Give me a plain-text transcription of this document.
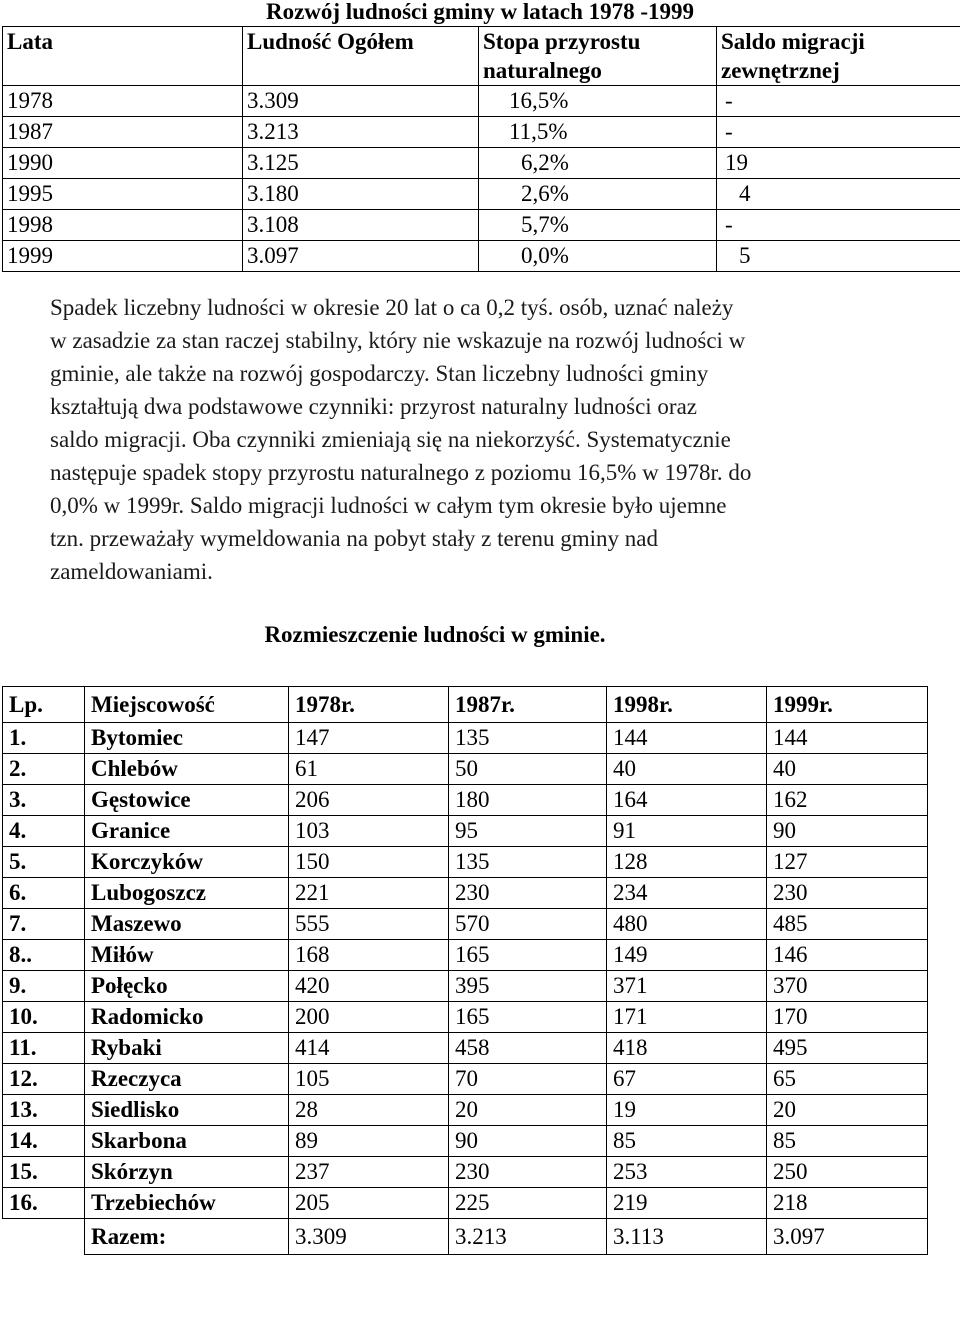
Rozwój ludności gminy w latach 1978 -1999
Lata	Ludność Ogółem	Stopa przyrostu naturalnego	Saldo migracji zewnętrznej
1978	3.309	16,5%	-
1987	3.213	11,5%	-
1990	3.125	6,2%	19
1995	3.180	2,6%	4
1998	3.108	5,7%	-
1999	3.097	0,0%	5
Spadek liczebny ludności w okresie 20 lat o ca 0,2 tyś. osób, uznać należy
w zasadzie za stan raczej stabilny, który nie wskazuje na rozwój ludności w
gminie, ale także na rozwój gospodarczy. Stan liczebny ludności gminy
kształtują dwa podstawowe czynniki: przyrost naturalny ludności oraz
saldo migracji. Oba czynniki zmieniają się na niekorzyść. Systematycznie
następuje spadek stopy przyrostu naturalnego z poziomu 16,5% w 1978r. do
0,0% w 1999r. Saldo migracji ludności w całym tym okresie było ujemne
tzn. przeważały wymeldowania na pobyt stały z terenu gminy nad
zameldowaniami.
Rozmieszczenie ludności w gminie.
Lp.	Miejscowość	1978r.	1987r.	1998r.	1999r.
1.	Bytomiec	147	135	144	144
2.	Chlebów	61	50	40	40
3.	Gęstowice	206	180	164	162
4.	Granice	103	95	91	90
5.	Korczyków	150	135	128	127
6.	Lubogoszcz	221	230	234	230
7.	Maszewo	555	570	480	485
8..	Miłów	168	165	149	146
9.	Połęcko	420	395	371	370
10.	Radomicko	200	165	171	170
11.	Rybaki	414	458	418	495
12.	Rzeczyca	105	70	67	65
13.	Siedlisko	28	20	19	20
14.	Skarbona	89	90	85	85
15.	Skórzyn	237	230	253	250
16.	Trzebiechów	205	225	219	218
	Razem:	3.309	3.213	3.113	3.097
